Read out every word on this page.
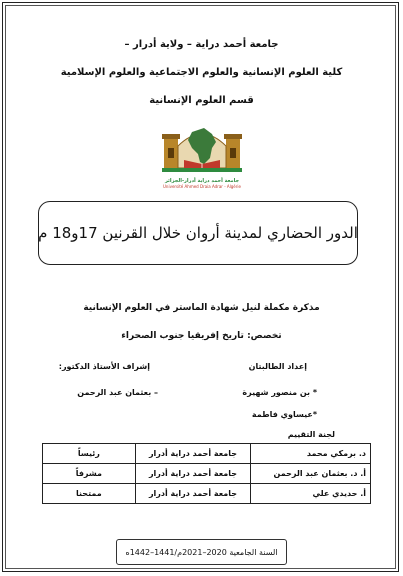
جامعة أحمد دراية – ولاية أدرار –
كلية العلوم الإنسانية والعلوم الاجتماعية والعلوم الإسلامية
قسم العلوم الإنسانية
جامعة أحمد دراية أدرار-الجزائر
Université Ahmed Draia Adrar - Algérie
الدور الحضاري لمدينة أروان خلال القرنين 17و18 م
مذكرة مكملة لنيل شهادة الماستر في العلوم الإنسانية
تخصص: تاريخ إفريقيا جنوب الصحراء
إعداد الطالبتان
إشراف الأستاذ الدكتور:
* بن منصور شهيرة
*عيساوي فاطمة
– بعثمان عبد الرحمن
لجنة التقييم
د. برمكي محمد	جامعة أحمد دراية أدرار	رئيساً
أ. د. بعثمان عبد الرحمن	جامعة أحمد دراية أدرار	مشرفاً
أ. حديدي علي	جامعة أحمد دراية أدرار	ممتحنا
السنة الجامعية 2020–2021م/1441–1442ه
